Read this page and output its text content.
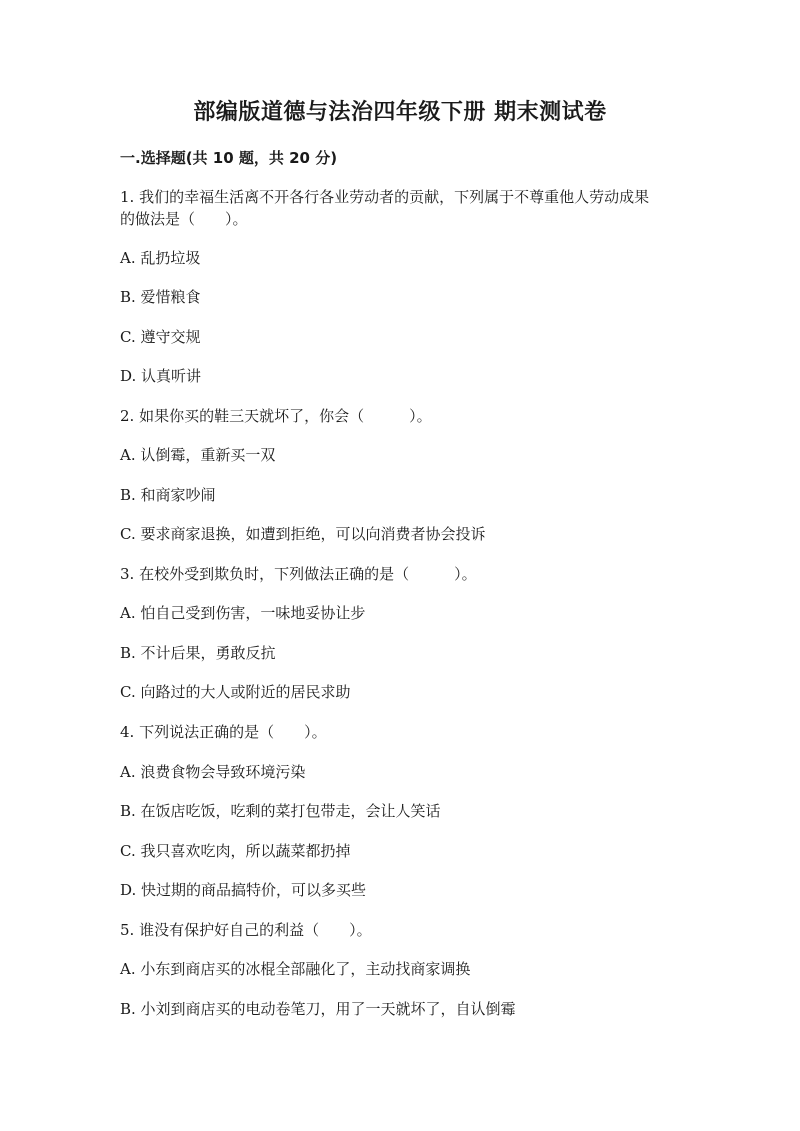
部编版道德与法治四年级下册 期末测试卷
一.选择题(共 10 题，共 20 分)
1. 我们的幸福生活离不开各行各业劳动者的贡献，下列属于不尊重他人劳动成果的做法是（　　）。
A. 乱扔垃圾
B. 爱惜粮食
C. 遵守交规
D. 认真听讲
2. 如果你买的鞋三天就坏了，你会（　　　）。
A. 认倒霉，重新买一双
B. 和商家吵闹
C. 要求商家退换，如遭到拒绝，可以向消费者协会投诉
3. 在校外受到欺负时，下列做法正确的是（　　　）。
A. 怕自己受到伤害，一味地妥协让步
B. 不计后果，勇敢反抗
C. 向路过的大人或附近的居民求助
4. 下列说法正确的是（　　）。
A. 浪费食物会导致环境污染
B. 在饭店吃饭，吃剩的菜打包带走，会让人笑话
C. 我只喜欢吃肉，所以蔬菜都扔掉
D. 快过期的商品搞特价，可以多买些
5. 谁没有保护好自己的利益（　　）。
A. 小东到商店买的冰棍全部融化了，主动找商家调换
B. 小刘到商店买的电动卷笔刀，用了一天就坏了，自认倒霉
